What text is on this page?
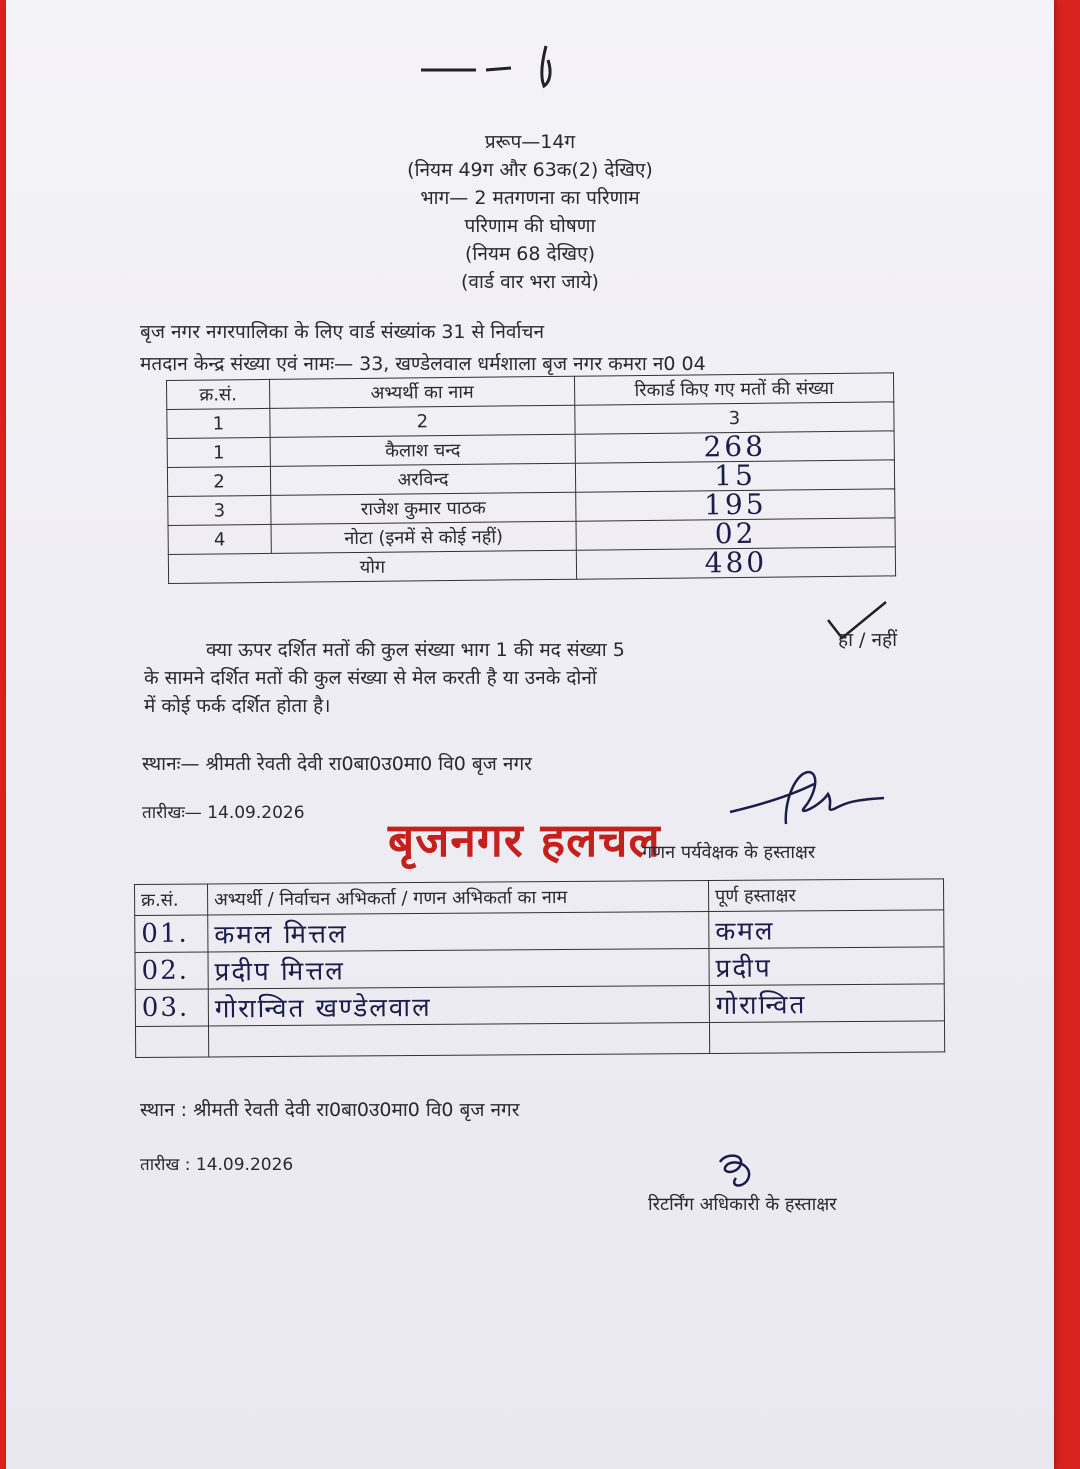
प्ररूप—14ग
(नियम 49ग और 63क(2) देखिए)
भाग— 2 मतगणना का परिणाम
परिणाम की घोषणा
(नियम 68 देखिए)
(वार्ड वार भरा जाये)
बृज नगर नगरपालिका के लिए वार्ड संख्यांक 31 से निर्वाचन
मतदान केन्द्र संख्या एवं नामः— 33, खण्डेलवाल धर्मशाला बृज नगर कमरा न0 04
क्र.सं.	अभ्यर्थी का नाम	रिकार्ड किए गए मतों की संख्या
1	2	3
1	कैलाश चन्द	268
2	अरविन्द	15
3	राजेश कुमार पाठक	195
4	नोटा (इनमें से कोई नहीं)	02
योग		480
हां / नहीं
क्या ऊपर दर्शित मतों की कुल संख्या भाग 1 की मद संख्या 5
के सामने दर्शित मतों की कुल संख्या से मेल करती है या उनके दोनों
में कोई फर्क दर्शित होता है।
स्थानः— श्रीमती रेवती देवी रा0बा0उ0मा0 वि0 बृज नगर
तारीखः— 14.09.2026 बृजनगर हलचल
गणन पर्यवेक्षक के हस्ताक्षर
क्र.सं.	अभ्यर्थी / निर्वाचन अभिकर्ता / गणन अभिकर्ता का नाम	पूर्ण हस्ताक्षर
01.	कमल मित्तल	कमल
02.	प्रदीप मित्तल	प्रदीप
03.	गोरान्वित खण्डेलवाल	गोरान्वित

स्थान : श्रीमती रेवती देवी रा0बा0उ0मा0 वि0 बृज नगर
तारीख : 14.09.2026
रिटर्निंग अधिकारी के हस्ताक्षर
